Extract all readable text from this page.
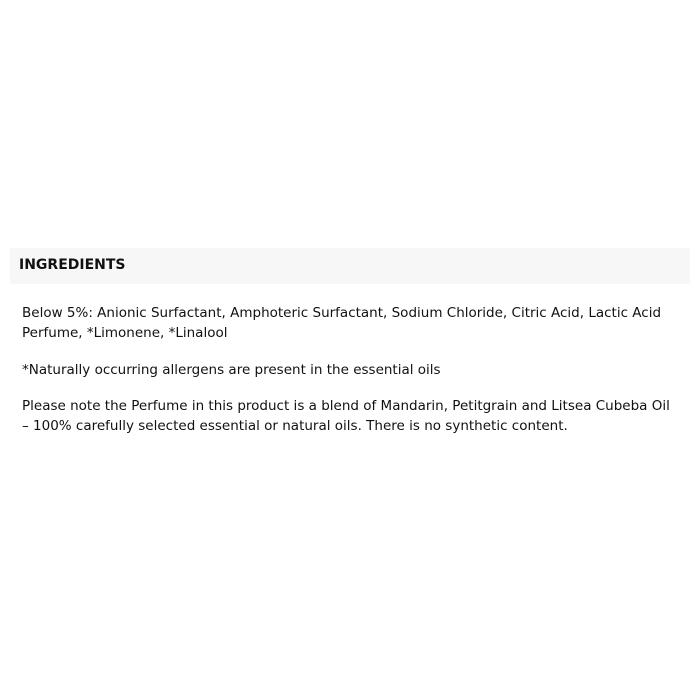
INGREDIENTS

Below 5%: Anionic Surfactant, Amphoteric Surfactant, Sodium Chloride, Citric Acid, Lactic Acid

Perfume, *Limonene, *Linalool

*Naturally occurring allergens are present in the essential oils

Please note the Perfume in this product is a blend of Mandarin, Petitgrain and Litsea Cubeba Oil

– 100% carefully selected essential or natural oils. There is no synthetic content.
